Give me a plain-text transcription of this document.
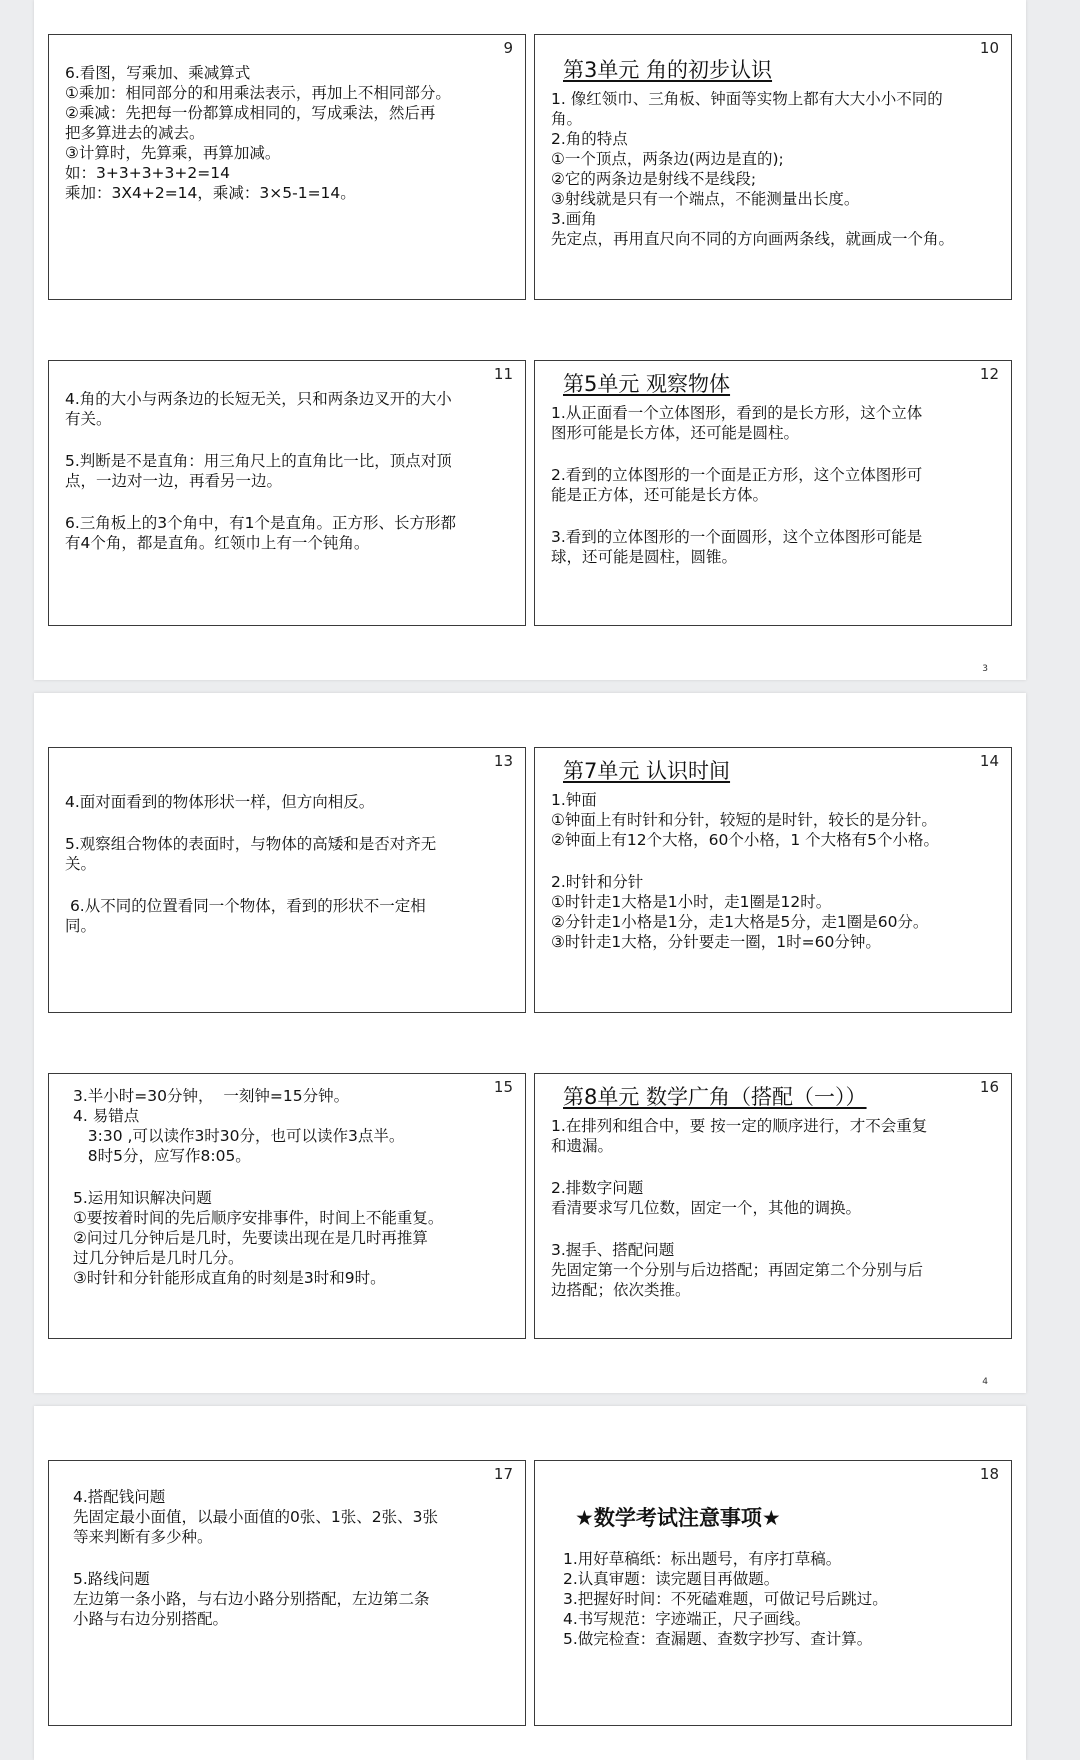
9
6.看图，写乘加、乘减算式
①乘加：相同部分的和用乘法表示，再加上不相同部分。
②乘减：先把每一份都算成相同的，写成乘法，然后再
把多算进去的减去。
③计算时，先算乘，再算加减。
如：3+3+3+3+2=14
乘加：3X4+2=14，乘减：3×5-1=14。
10
第3单元 角的初步认识
1. 像红领巾、三角板、钟面等实物上都有大大小小不同的
角。
2.角的特点
①一个顶点，两条边(两边是直的);
②它的两条边是射线不是线段;
③射线就是只有一个端点，不能测量出长度。
3.画角
先定点，再用直尺向不同的方向画两条线，就画成一个角。
11
4.角的大小与两条边的长短无关，只和两条边叉开的大小
有关。
5.判断是不是直角：用三角尺上的直角比一比，顶点对顶
点，一边对一边，再看另一边。
6.三角板上的3个角中，有1个是直角。正方形、长方形都
有4个角，都是直角。红领巾上有一个钝角。
12
第5单元 观察物体
1.从正面看一个立体图形，看到的是长方形，这个立体
图形可能是长方体，还可能是圆柱。
2.看到的立体图形的一个面是正方形，这个立体图形可
能是正方体，还可能是长方体。
3.看到的立体图形的一个面圆形，这个立体图形可能是
球，还可能是圆柱，圆锥。
3
13
4.面对面看到的物体形状一样，但方向相反。
5.观察组合物体的表面时，与物体的高矮和是否对齐无
关。
6.从不同的位置看同一个物体，看到的形状不一定相
同。
14
第7单元 认识时间
1.钟面
①钟面上有时针和分针，较短的是时针，较长的是分针。
②钟面上有12个大格，60个小格，1 个大格有5个小格。
2.时针和分针
①时针走1大格是1小时，走1圈是12时。
②分针走1小格是1分，走1大格是5分，走1圈是60分。
③时针走1大格，分针要走一圈，1时=60分钟。
15
3.半小时=30分钟，  一刻钟=15分钟。
4. 易错点
3:30 ,可以读作3时30分，也可以读作3点半。
8时5分，应写作8:05。
5.运用知识解决问题
①要按着时间的先后顺序安排事件，时间上不能重复。
②问过几分钟后是几时，先要读出现在是几时再推算
过几分钟后是几时几分。
③时针和分针能形成直角的时刻是3时和9时。
16
第8单元 数学广角（搭配（一））
1.在排列和组合中，要 按一定的顺序进行，才不会重复
和遗漏。
2.排数字问题
看清要求写几位数，固定一个，其他的调换。
3.握手、搭配问题
先固定第一个分别与后边搭配；再固定第二个分别与后
边搭配；依次类推。
4
17
4.搭配钱问题
先固定最小面值，以最小面值的0张、1张、2张、3张
等来判断有多少种。
5.路线问题
左边第一条小路，与右边小路分别搭配，左边第二条
小路与右边分别搭配。
18
★数学考试注意事项★
1.用好草稿纸：标出题号，有序打草稿。
2.认真审题：读完题目再做题。
3.把握好时间：不死磕难题，可做记号后跳过。
4.书写规范：字迹端正，尺子画线。
5.做完检查：查漏题、查数字抄写、查计算。
